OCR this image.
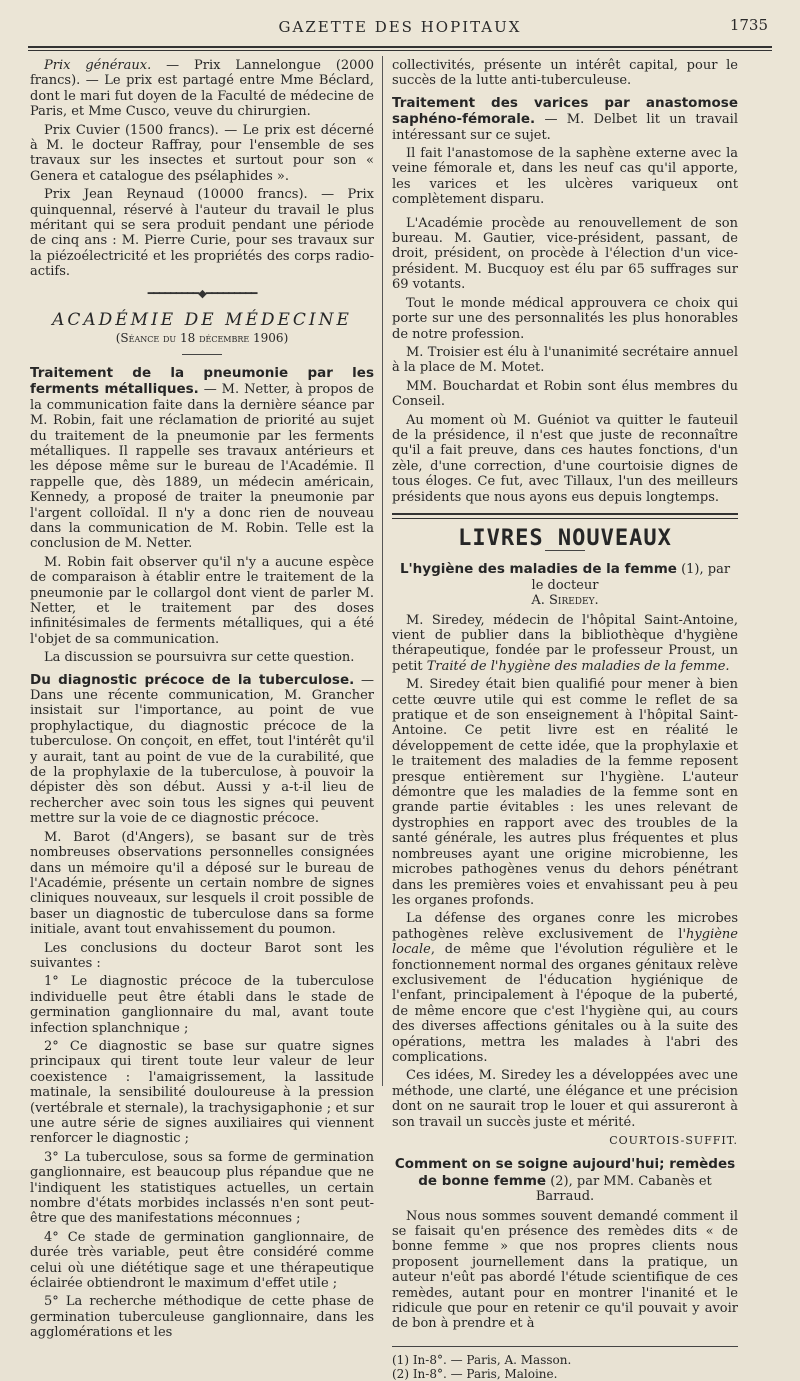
GAZETTE DES HOPITAUX	1735

Prix généraux. — Prix Lannelongue (2000 francs). — Le prix est partagé entre Mme Béclard, dont le mari fut doyen de la Faculté de médecine de Paris, et Mme Cusco, veuve du chirurgien.

Prix Cuvier (1500 francs). — Le prix est décerné à M. le docteur Raffray, pour l'ensemble de ses travaux sur les insectes et surtout pour son « Genera et catalogue des psélaphides ».

Prix Jean Reynaud (10000 francs). — Prix quinquennal, réservé à l'auteur du travail le plus méritant qui se sera produit pendant une période de cinq ans : M. Pierre Curie, pour ses travaux sur la piézoélectricité et les propriétés des corps radio-actifs.

━━━━━━━━━◆━━━━━━━━━

ACADÉMIE DE MÉDECINE

(Séance du 18 décembre 1906)

Traitement de la pneumonie par les ferments métalliques. — M. Netter, à propos de la communication faite dans la dernière séance par M. Robin, fait une réclamation de priorité au sujet du traitement de la pneumonie par les ferments métalliques. Il rappelle ses travaux antérieurs et les dépose même sur le bureau de l'Académie. Il rappelle que, dès 1889, un médecin américain, Kennedy, a proposé de traiter la pneumonie par l'argent colloïdal. Il n'y a donc rien de nouveau dans la communication de M. Robin. Telle est la conclusion de M. Netter.

M. Robin fait observer qu'il n'y a aucune espèce de comparaison à établir entre le traitement de la pneumonie par le collargol dont vient de parler M. Netter, et le traitement par des doses infinitésimales de ferments métalliques, qui a été l'objet de sa communication.

La discussion se poursuivra sur cette question.

Du diagnostic précoce de la tuberculose. — Dans une récente communication, M. Grancher insistait sur l'importance, au point de vue prophylactique, du diagnostic précoce de la tuberculose. On conçoit, en effet, tout l'intérêt qu'il y aurait, tant au point de vue de la curabilité, que de la prophylaxie de la tuberculose, à pouvoir la dépister dès son début. Aussi y a-t-il lieu de rechercher avec soin tous les signes qui peuvent mettre sur la voie de ce diagnostic précoce.

M. Barot (d'Angers), se basant sur de très nombreuses observations personnelles consignées dans un mémoire qu'il a déposé sur le bureau de l'Académie, présente un certain nombre de signes cliniques nouveaux, sur lesquels il croit possible de baser un diagnostic de tuberculose dans sa forme initiale, avant tout envahissement du poumon.

Les conclusions du docteur Barot sont les suivantes :

1° Le diagnostic précoce de la tuberculose individuelle peut être établi dans le stade de germination ganglionnaire du mal, avant toute infection splanchnique ;

2° Ce diagnostic se base sur quatre signes principaux qui tirent toute leur valeur de leur coexistence : l'amaigrissement, la lassitude matinale, la sensibilité douloureuse à la pression (vertébrale et sternale), la trachysigaphonie ; et sur une autre série de signes auxiliaires qui viennent renforcer le diagnostic ;

3° La tuberculose, sous sa forme de germination ganglionnaire, est beaucoup plus répandue que ne l'indiquent les statistiques actuelles, un certain nombre d'états morbides inclassés n'en sont peut-être que des manifestations méconnues ;

4° Ce stade de germination ganglionnaire, de durée très variable, peut être considéré comme celui où une diététique sage et une thérapeutique éclairée obtiendront le maximum d'effet utile ;

5° La recherche méthodique de cette phase de germination tuberculeuse ganglionnaire, dans les agglomérations et les

collectivités, présente un intérêt capital, pour le succès de la lutte anti-tuberculeuse.

Traitement des varices par anastomose saphéno-fémorale. — M. Delbet lit un travail intéressant sur ce sujet.

Il fait l'anastomose de la saphène externe avec la veine fémorale et, dans les neuf cas qu'il apporte, les varices et les ulcères variqueux ont complètement disparu.

L'Académie procède au renouvellement de son bureau. M. Gautier, vice-président, passant, de droit, président, on procède à l'élection d'un vice-président. M. Bucquoy est élu par 65 suffrages sur 69 votants.

Tout le monde médical approuvera ce choix qui porte sur une des personnalités les plus honorables de notre profession.

M. Troisier est élu à l'unanimité secrétaire annuel à la place de M. Motet.

MM. Bouchardat et Robin sont élus membres du Conseil.

Au moment où M. Guéniot va quitter le fauteuil de la présidence, il n'est que juste de reconnaître qu'il a fait preuve, dans ces hautes fonctions, d'un zèle, d'une correction, d'une courtoisie dignes de tous éloges. Ce fut, avec Tillaux, l'un des meilleurs présidents que nous ayons eus depuis longtemps.

LIVRES NOUVEAUX

L'hygiène des maladies de la femme (1), par le docteur
A. Siredey.

M. Siredey, médecin de l'hôpital Saint-Antoine, vient de publier dans la bibliothèque d'hygiène thérapeutique, fondée par le professeur Proust, un petit Traité de l'hygiène des maladies de la femme.

M. Siredey était bien qualifié pour mener à bien cette œuvre utile qui est comme le reflet de sa pratique et de son enseignement à l'hôpital Saint-Antoine. Ce petit livre est en réalité le développement de cette idée, que la prophylaxie et le traitement des maladies de la femme reposent presque entièrement sur l'hygiène. L'auteur démontre que les maladies de la femme sont en grande partie évitables : les unes relevant de dystrophies en rapport avec des troubles de la santé générale, les autres plus fréquentes et plus nombreuses ayant une origine microbienne, les microbes pathogènes venus du dehors pénétrant dans les premières voies et envahissant peu à peu les organes profonds.

La défense des organes conre les microbes pathogènes relève exclusivement de l'hygiène locale, de même que l'évolution régulière et le fonctionnement normal des organes génitaux relève exclusivement de l'éducation hygiénique de l'enfant, principalement à l'époque de la puberté, de même encore que c'est l'hygiène qui, au cours des diverses affections génitales ou à la suite des opérations, mettra les malades à l'abri des complications.

Ces idées, M. Siredey les a développées avec une méthode, une clarté, une élégance et une précision dont on ne saurait trop le louer et qui assureront à son travail un succès juste et mérité.

COURTOIS-SUFFIT.

Comment on se soigne aujourd'hui; remèdes de bonne femme (2), par MM. Cabanès et Barraud.

Nous nous sommes souvent demandé comment il se faisait qu'en présence des remèdes dits « de bonne femme » que nos propres clients nous proposent journellement dans la pratique, un auteur n'eût pas abordé l'étude scientifique de ces remèdes, autant pour en montrer l'inanité et le ridicule que pour en retenir ce qu'il pouvait y avoir de bon à prendre et à

(1) In-8°. — Paris, A. Masson.

(2) In-8°. — Paris, Maloine.
